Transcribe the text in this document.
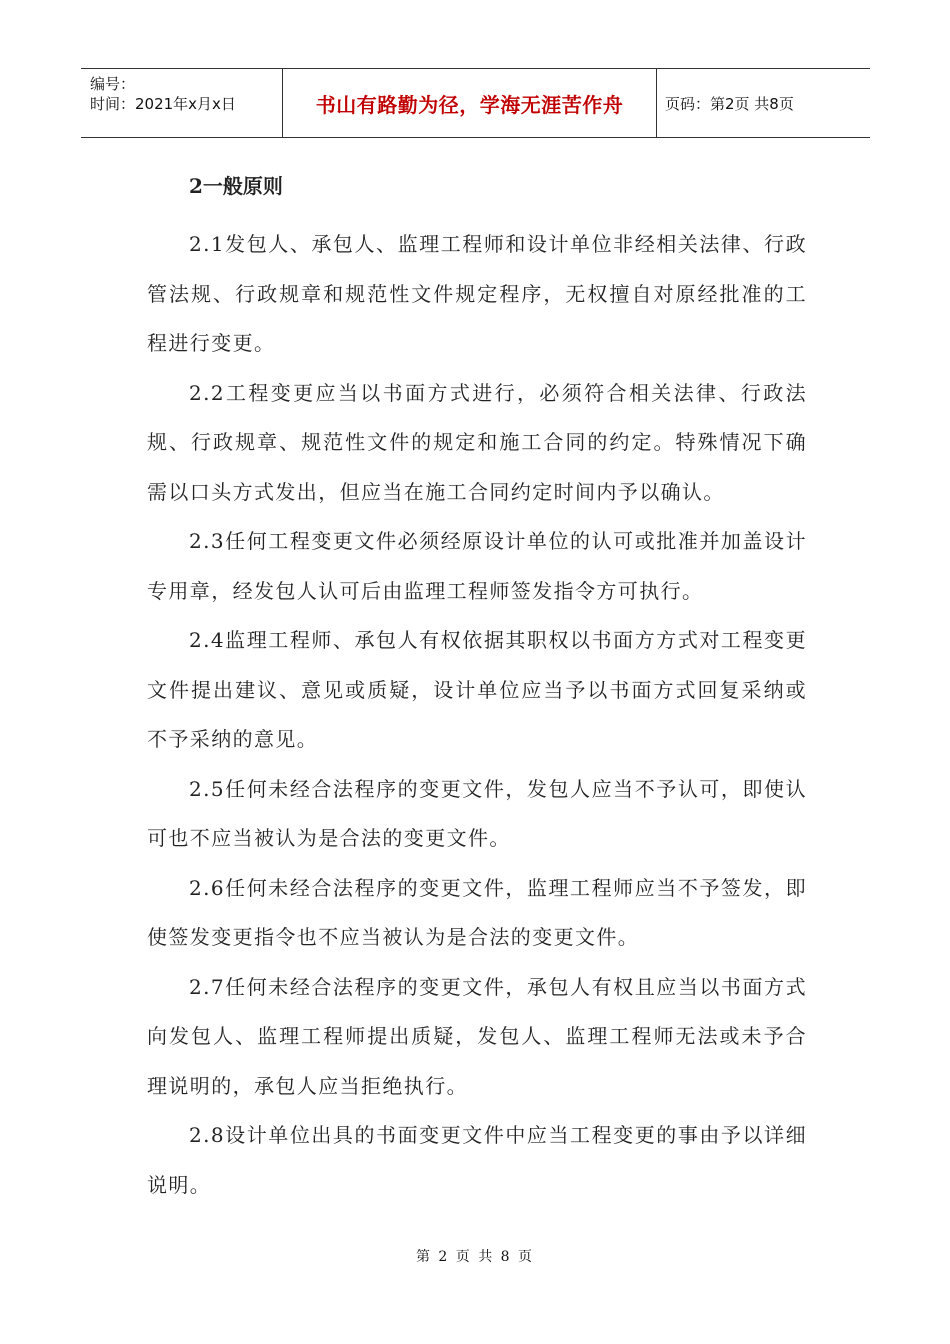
编号：
时间：2021年x月x日	书山有路勤为径，学海无涯苦作舟	页码：第2页 共8页
2一般原则

2.1发包人、承包人、监理工程师和设计单位非经相关法律、行政管法规、行政规章和规范性文件规定程序，无权擅自对原经批准的工程进行变更。

2.2工程变更应当以书面方式进行，必须符合相关法律、行政法规、行政规章、规范性文件的规定和施工合同的约定。特殊情况下确需以口头方式发出，但应当在施工合同约定时间内予以确认。

2.3任何工程变更文件必须经原设计单位的认可或批准并加盖设计专用章，经发包人认可后由监理工程师签发指令方可执行。

2.4监理工程师、承包人有权依据其职权以书面方方式对工程变更文件提出建议、意见或质疑，设计单位应当予以书面方式回复采纳或不予采纳的意见。

2.5任何未经合法程序的变更文件，发包人应当不予认可，即使认可也不应当被认为是合法的变更文件。

2.6任何未经合法程序的变更文件，监理工程师应当不予签发，即使签发变更指令也不应当被认为是合法的变更文件。

2.7任何未经合法程序的变更文件，承包人有权且应当以书面方式向发包人、监理工程师提出质疑，发包人、监理工程师无法或未予合理说明的，承包人应当拒绝执行。

2.8设计单位出具的书面变更文件中应当工程变更的事由予以详细说明。

第 2 页 共 8 页
